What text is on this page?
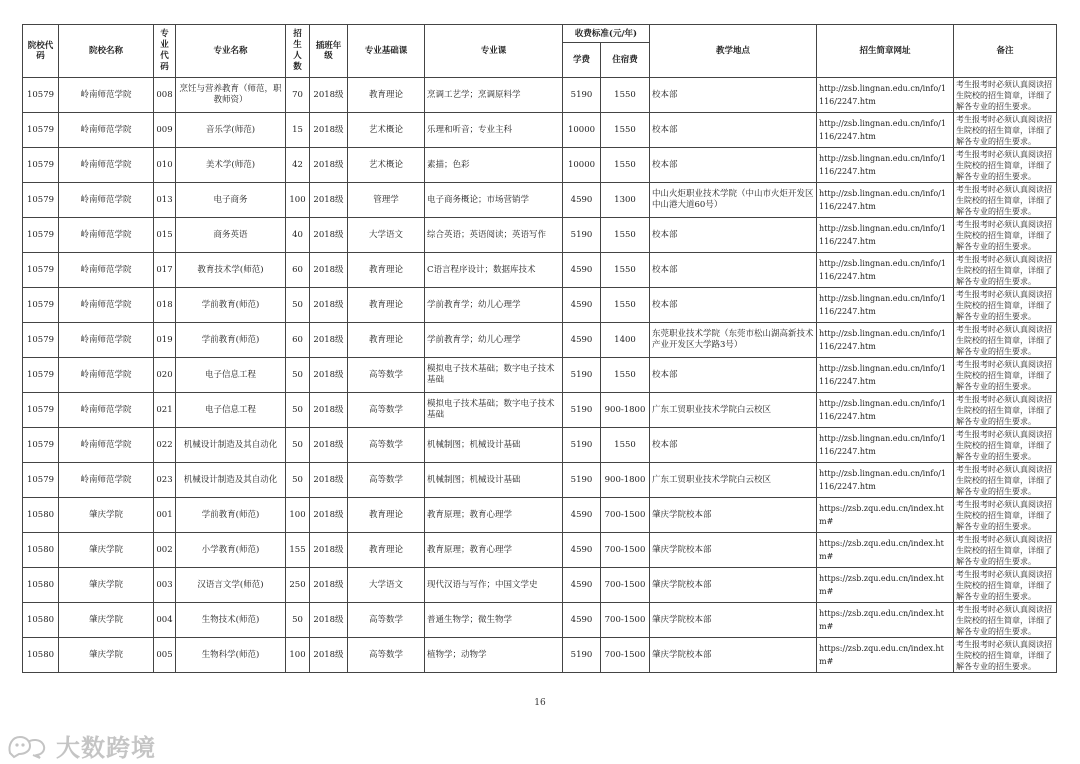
院校代码	院校名称	专业代码	专业名称	招生人数	插班年级	专业基础课	专业课	收费标准(元/年)		教学地点	招生简章网址	备注
								学费	住宿费			
10579	岭南师范学院	008	烹饪与营养教育（师范，职教师资）	70	2018级	教育理论	烹调工艺学；烹调原料学	5190	1550	校本部	http://zsb.lingnan.edu.cn/info/1116/2247.htm	考生报考时必须认真阅读招生院校的招生简章，详细了解各专业的招生要求。
10579	岭南师范学院	009	音乐学(师范)	15	2018级	艺术概论	乐理和听音；专业主科	10000	1550	校本部	http://zsb.lingnan.edu.cn/info/1116/2247.htm	考生报考时必须认真阅读招生院校的招生简章，详细了解各专业的招生要求。
10579	岭南师范学院	010	美术学(师范)	42	2018级	艺术概论	素描；色彩	10000	1550	校本部	http://zsb.lingnan.edu.cn/info/1116/2247.htm	考生报考时必须认真阅读招生院校的招生简章，详细了解各专业的招生要求。
10579	岭南师范学院	013	电子商务	100	2018级	管理学	电子商务概论；市场营销学	4590	1300	中山火炬职业技术学院（中山市火炬开发区中山港大道60号）	http://zsb.lingnan.edu.cn/info/1116/2247.htm	考生报考时必须认真阅读招生院校的招生简章，详细了解各专业的招生要求。
10579	岭南师范学院	015	商务英语	40	2018级	大学语文	综合英语；英语阅读；英语写作	5190	1550	校本部	http://zsb.lingnan.edu.cn/info/1116/2247.htm	考生报考时必须认真阅读招生院校的招生简章，详细了解各专业的招生要求。
10579	岭南师范学院	017	教育技术学(师范)	60	2018级	教育理论	C语言程序设计；数据库技术	4590	1550	校本部	http://zsb.lingnan.edu.cn/info/1116/2247.htm	考生报考时必须认真阅读招生院校的招生简章，详细了解各专业的招生要求。
10579	岭南师范学院	018	学前教育(师范)	50	2018级	教育理论	学前教育学；幼儿心理学	4590	1550	校本部	http://zsb.lingnan.edu.cn/info/1116/2247.htm	考生报考时必须认真阅读招生院校的招生简章，详细了解各专业的招生要求。
10579	岭南师范学院	019	学前教育(师范)	60	2018级	教育理论	学前教育学；幼儿心理学	4590	1400	东莞职业技术学院（东莞市松山湖高新技术产业开发区大学路3号）	http://zsb.lingnan.edu.cn/info/1116/2247.htm	考生报考时必须认真阅读招生院校的招生简章，详细了解各专业的招生要求。
10579	岭南师范学院	020	电子信息工程	50	2018级	高等数学	模拟电子技术基础；数字电子技术基础	5190	1550	校本部	http://zsb.lingnan.edu.cn/info/1116/2247.htm	考生报考时必须认真阅读招生院校的招生简章，详细了解各专业的招生要求。
10579	岭南师范学院	021	电子信息工程	50	2018级	高等数学	模拟电子技术基础；数字电子技术基础	5190	900-1800	广东工贸职业技术学院白云校区	http://zsb.lingnan.edu.cn/info/1116/2247.htm	考生报考时必须认真阅读招生院校的招生简章，详细了解各专业的招生要求。
10579	岭南师范学院	022	机械设计制造及其自动化	50	2018级	高等数学	机械制图；机械设计基础	5190	1550	校本部	http://zsb.lingnan.edu.cn/info/1116/2247.htm	考生报考时必须认真阅读招生院校的招生简章，详细了解各专业的招生要求。
10579	岭南师范学院	023	机械设计制造及其自动化	50	2018级	高等数学	机械制图；机械设计基础	5190	900-1800	广东工贸职业技术学院白云校区	http://zsb.lingnan.edu.cn/info/1116/2247.htm	考生报考时必须认真阅读招生院校的招生简章，详细了解各专业的招生要求。
10580	肇庆学院	001	学前教育(师范)	100	2018级	教育理论	教育原理；教育心理学	4590	700-1500	肇庆学院校本部	https://zsb.zqu.edu.cn/index.htm#	考生报考时必须认真阅读招生院校的招生简章，详细了解各专业的招生要求。
10580	肇庆学院	002	小学教育(师范)	155	2018级	教育理论	教育原理；教育心理学	4590	700-1500	肇庆学院校本部	https://zsb.zqu.edu.cn/index.htm#	考生报考时必须认真阅读招生院校的招生简章，详细了解各专业的招生要求。
10580	肇庆学院	003	汉语言文学(师范)	250	2018级	大学语文	现代汉语与写作；中国文学史	4590	700-1500	肇庆学院校本部	https://zsb.zqu.edu.cn/index.htm#	考生报考时必须认真阅读招生院校的招生简章，详细了解各专业的招生要求。
10580	肇庆学院	004	生物技术(师范)	50	2018级	高等数学	普通生物学；微生物学	4590	700-1500	肇庆学院校本部	https://zsb.zqu.edu.cn/index.htm#	考生报考时必须认真阅读招生院校的招生简章，详细了解各专业的招生要求。
10580	肇庆学院	005	生物科学(师范)	100	2018级	高等数学	植物学；动物学	5190	700-1500	肇庆学院校本部	https://zsb.zqu.edu.cn/index.htm#	考生报考时必须认真阅读招生院校的招生简章，详细了解各专业的招生要求。
16
大数跨境
